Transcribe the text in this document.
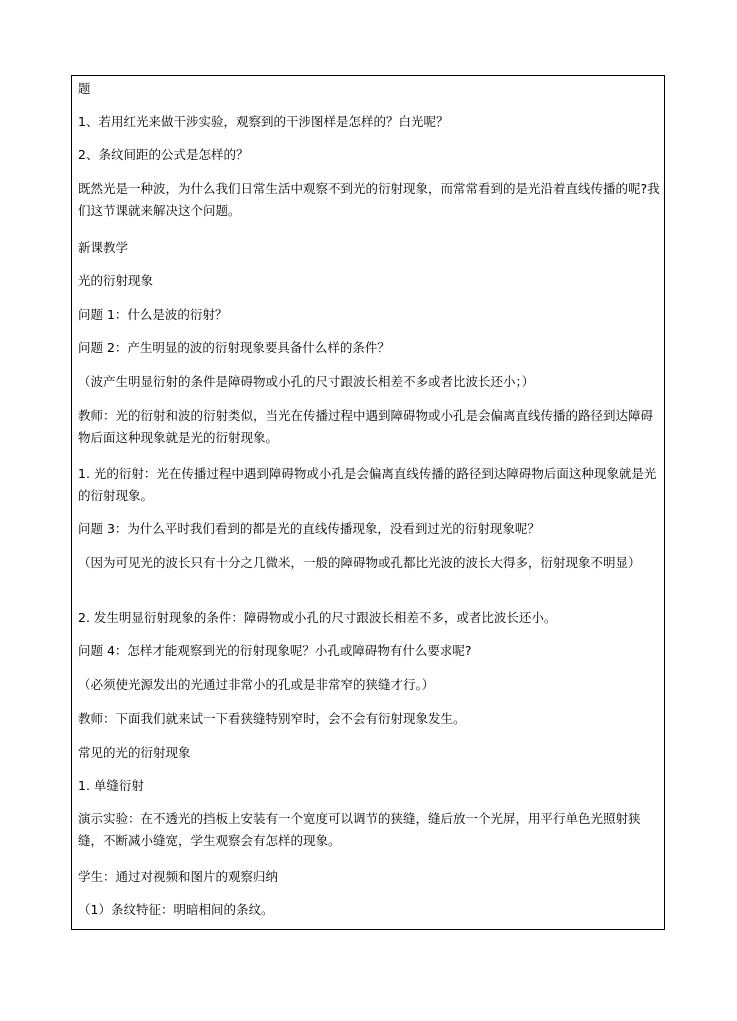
题

1、若用红光来做干涉实验，观察到的干涉图样是怎样的？白光呢？

2、条纹间距的公式是怎样的？

既然光是一种波，为什么我们日常生活中观察不到光的衍射现象，而常常看到的是光沿着直线传播的呢?我们这节课就来解决这个问题。

新课教学

光的衍射现象

问题 1：什么是波的衍射？

问题 2：产生明显的波的衍射现象要具备什么样的条件？

（波产生明显衍射的条件是障碍物或小孔的尺寸跟波长相差不多或者比波长还小；）

教师：光的衍射和波的衍射类似，当光在传播过程中遇到障碍物或小孔是会偏离直线传播的路径到达障碍物后面这种现象就是光的衍射现象。

1. 光的衍射：光在传播过程中遇到障碍物或小孔是会偏离直线传播的路径到达障碍物后面这种现象就是光的衍射现象。

问题 3：为什么平时我们看到的都是光的直线传播现象，没看到过光的衍射现象呢？

（因为可见光的波长只有十分之几微米，一般的障碍物或孔都比光波的波长大得多，衍射现象不明显）

2. 发生明显衍射现象的条件：障碍物或小孔的尺寸跟波长相差不多，或者比波长还小。

问题 4：怎样才能观察到光的衍射现象呢？小孔或障碍物有什么要求呢?

（必须使光源发出的光通过非常小的孔或是非常窄的狭缝才行。）

教师：下面我们就来试一下看狭缝特别窄时，会不会有衍射现象发生。

常见的光的衍射现象

1. 单缝衍射

演示实验：在不透光的挡板上安装有一个宽度可以调节的狭缝，缝后放一个光屏，用平行单色光照射狭缝，不断减小缝宽，学生观察会有怎样的现象。

学生：通过对视频和图片的观察归纳

（1）条纹特征：明暗相间的条纹。
